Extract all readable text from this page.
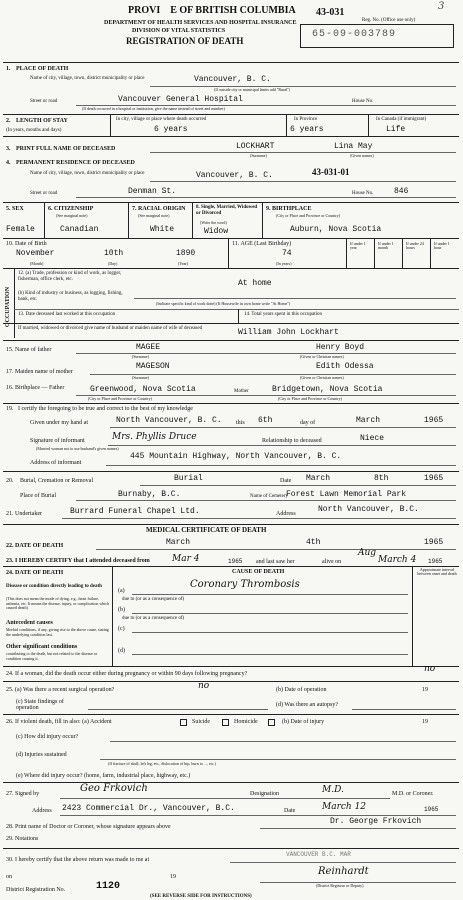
PROVI E OF BRITISH COLUMBIA
DEPARTMENT OF HEALTH SERVICES AND HOSPITAL INSURANCE
DIVISION OF VITAL STATISTICS
REGISTRATION OF DEATH
43-031
Reg. No. (Office use only)
3
65-09-003789
1. PLACE OF DEATH
Name of city, village, town, district municipality or place	Vancouver, B. C.
(If outside city or municipal limits add "Rural")
Street or road	Vancouver General Hospital	House No.
(If death occurred in a hospital or institution, give the name instead of street and number)
2. LENGTH OF STAY
(In years, months and days)
In city, village or place where death occurred
6 years
In Province
6 years
In Canada (if immigrant)
Life
3. PRINT FULL NAME OF DECEASED	LOCKHART	Lina May
(Surname)	(Given names)
4. PERMANENT RESIDENCE OF DECEASED
Name of city, village, town, district municipality or place	Vancouver, B. C.	43-031-01
Street or road	Denman St.	House No.	846
5. SEX
Female
6. CITIZENSHIP
(See marginal note)
Canadian
7. RACIAL ORIGIN
(See marginal note)
White
8. Single, Married, Widowed or Divorced
(Write the word)
Widow
9. BIRTHPLACE
(City or Place and Province or Country)
Auburn, Nova Scotia
10. Date of Birth
November	10th	1890
(Month)	(Day)	(Year)
11. AGE (Last Birthday)
74
(In years)
If under 1 year
If under 1 month
If under 24 hours
If under 1 hour
OCCUPATION
12. (a) Trade, profession or kind of work, as logger, fisherman, office clerk, etc.	At home
(b) Kind of industry or business, as logging, fishing, bank, etc.
(Indicate specific kind of work done) (If Housewife in own home write "At Home")
13. Date deceased last worked at this occupation	14. Total years spent in this occupation
If married, widowed or divorced give name of husband or maiden name of wife of deceased	William John Lockhart
15. Name of father	MAGEE	Henry Boyd
(Surname)	(Given or Christian names)
17. Maiden name of mother
MAGESON	Edith Odessa
(Surname)	(Given or Christian names)
16. Birthplace — Father	Greenwood, Nova Scotia	Mother	Bridgetown, Nova Scotia
(City or Place and Province or Country)	(City or Place and Province or Country)
19. I certify the foregoing to be true and correct to the best of my knowledge
Given under my hand at	North Vancouver, B. C. this 6th	day of	March	1965
Signature of informant	Mrs. Phyllis Druce	Relationship to deceased	Niece
(Married woman not to use husband's given names)
Address of informant
445 Mountain Highway, North Vancouver, B. C.
20. Burial, Cremation or Removal	Burial	Date March	8th	1965
Place of Burial	Burnaby, B.C.	Name of Cemetery
Forest Lawn Memorial Park
21. Undertaker	Burrard Funeral Chapel Ltd.	Address	North Vancouver, B.C.
MEDICAL CERTIFICATE OF DEATH
22. DATE OF DEATH	March	4th	1965
23. I HEREBY CERTIFY that I attended deceased from Mar 4	1965 and last saw her	alive on
Aug
March 4 1965
24. DATE OF DEATH	CAUSE OF DEATH	Approximate interval between onset and death
Disease or condition directly leading to death
(This does not mean the mode of dying, e.g., heart failure, asthenia, etc. It means the disease, injury, or complication which caused death)
(a)
Coronary Thrombosis
due to (or as a consequence of)
(b)
Antecedent causes
Morbid conditions, if any, giving rise to the above cause, stating the underlying condition last.
due to (or as a consequence of)
(c)
Other significant conditions
contributing to the death, but not related to the disease or condition causing it.
(d)
24. If a woman, did the death occur either during pregnancy or within 90 days following pregnancy?	no
25. (a) Was there a recent surgical operation?	no	(b) Date of operation	19
(c) State findings of operation	(d) Was there an autopsy?
26. If violent death, fill in also: (a) Accident	Suicide	Homicide	(b) Date of injury	19
(c) How did injury occur?
(d) Injuries sustained
(If fracture of skull, left leg, etc., dislocation of hip, burn to ..., etc.)
(e) Where did injury occur? (home, farm, industrial place, highway, etc.)
27. Signed by	Geo Frkovich	Designation	M.D.	M.D. or Coroner.
Address 2423 Commercial Dr., Vancouver, B.C.	Date	March 12	1965
28. Print name of Doctor or Coroner, whose signature appears above
Dr. George Frkovich
29. Notations
30. I hereby certify that the above return was made to me at
VANCOUVER B.C. MAR
on	19
District Registration No.	1120
Reinhardt
(District Registrar or Deputy)
(SEE REVERSE SIDE FOR INSTRUCTIONS)
